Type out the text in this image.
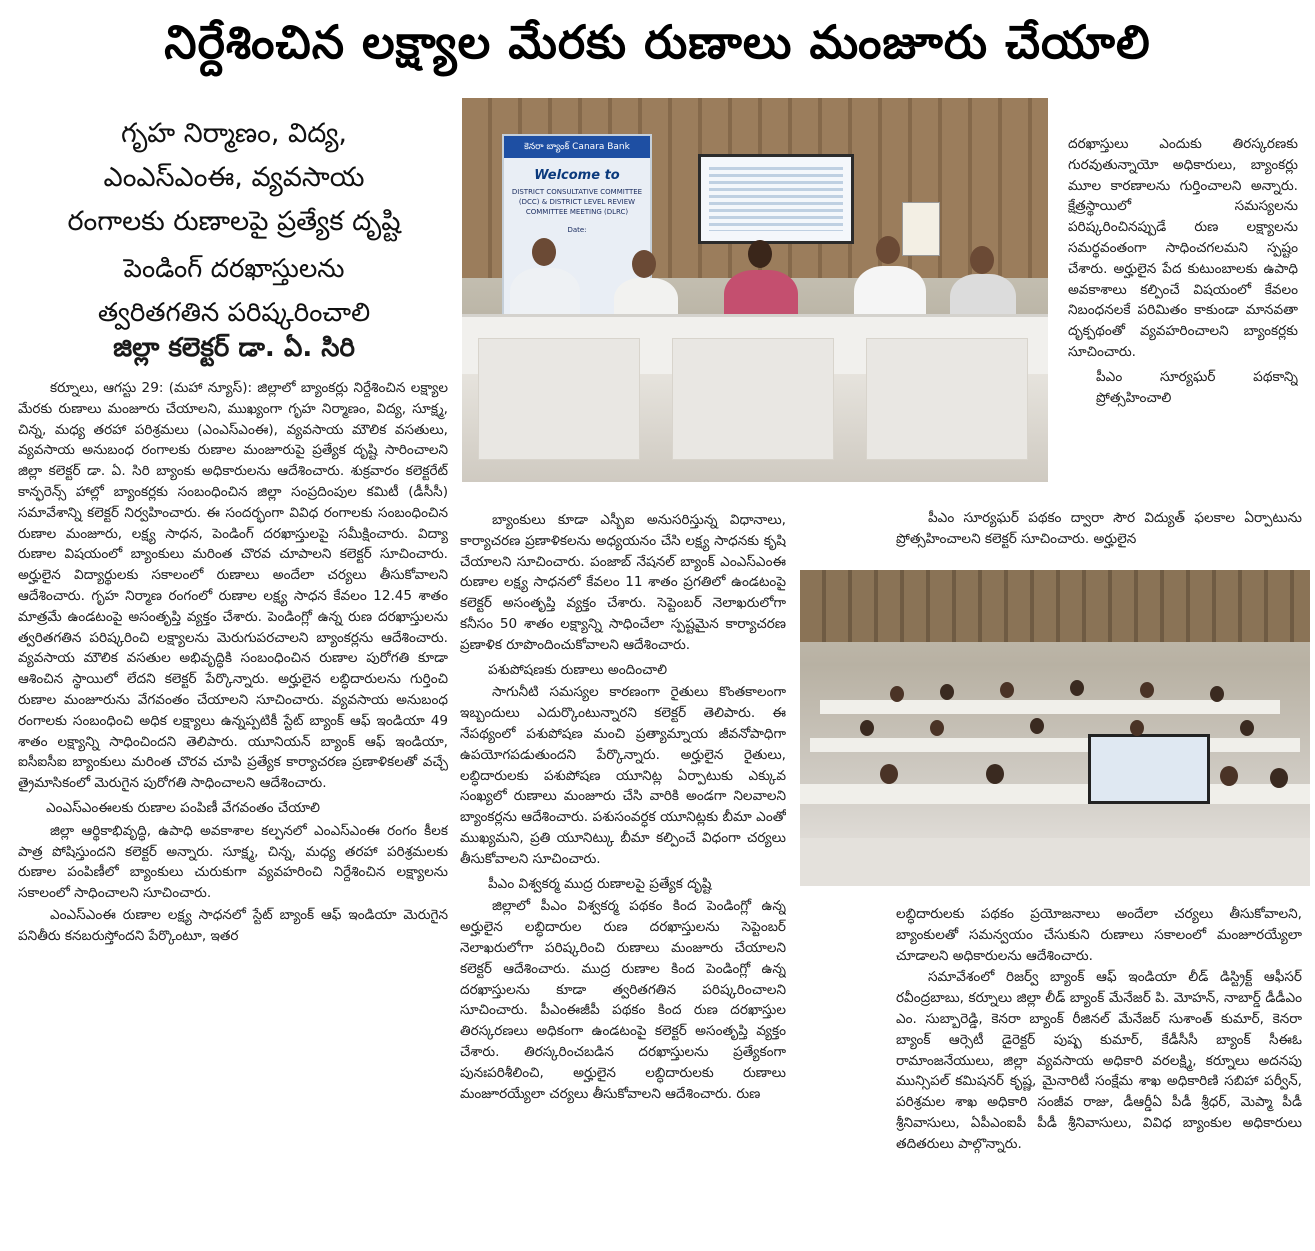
నిర్దేశించిన లక్ష్యాల మేరకు రుణాలు మంజూరు చేయాలి
గృహ నిర్మాణం, విద్య,
ఎంఎస్ఎంఈ, వ్యవసాయ
రంగాలకు రుణాలపై ప్రత్యేక దృష్టి
పెండింగ్ దరఖాస్తులను
త్వరితగతిన పరిష్కరించాలి
జిల్లా కలెక్టర్ డా. ఏ. సిరి
కెనరా బ్యాంక్ Canara Bank
Welcome to
DISTRICT CONSULTATIVE COMMITTEE (DCC) & DISTRICT LEVEL REVIEW COMMITTEE MEETING (DLRC)
Date:

కర్నూలు, ఆగస్టు 29: (మహా న్యూస్): జిల్లాలో బ్యాంకర్లు నిర్దేశించిన లక్ష్యాల మేరకు రుణాలు మంజూరు చేయాలని, ముఖ్యంగా గృహ నిర్మాణం, విద్య, సూక్ష్మ, చిన్న, మధ్య తరహా పరిశ్రమలు (ఎంఎస్ఎంఈ), వ్యవసాయ మౌలిక వసతులు, వ్యవసాయ అనుబంధ రంగాలకు రుణాల మంజూరుపై ప్రత్యేక దృష్టి సారించాలని జిల్లా కలెక్టర్ డా. ఏ. సిరి బ్యాంకు అధికారులను ఆదేశించారు. శుక్రవారం కలెక్టరేట్ కాన్ఫరెన్స్ హాల్లో బ్యాంకర్లకు సంబంధించిన జిల్లా సంప్రదింపుల కమిటీ (డీసీసీ) సమావేశాన్ని కలెక్టర్ నిర్వహించారు. ఈ సందర్భంగా వివిధ రంగాలకు సంబంధించిన రుణాల మంజూరు, లక్ష్య సాధన, పెండింగ్ దరఖాస్తులపై సమీక్షించారు. విద్యా రుణాల విషయంలో బ్యాంకులు మరింత చొరవ చూపాలని కలెక్టర్ సూచించారు. అర్హులైన విద్యార్థులకు సకాలంలో రుణాలు అందేలా చర్యలు తీసుకోవాలని ఆదేశించారు. గృహ నిర్మాణ రంగంలో రుణాల లక్ష్య సాధన కేవలం 12.45 శాతం మాత్రమే ఉండటంపై అసంతృప్తి వ్యక్తం చేశారు. పెండింగ్లో ఉన్న రుణ దరఖాస్తులను త్వరితగతిన పరిష్కరించి లక్ష్యాలను మెరుగుపరచాలని బ్యాంకర్లను ఆదేశించారు. వ్యవసాయ మౌలిక వసతుల అభివృద్ధికి సంబంధించిన రుణాల పురోగతి కూడా ఆశించిన స్థాయిలో లేదని కలెక్టర్ పేర్కొన్నారు. అర్హులైన లబ్ధిదారులను గుర్తించి రుణాల మంజూరును వేగవంతం చేయాలని సూచించారు. వ్యవసాయ అనుబంధ రంగాలకు సంబంధించి అధిక లక్ష్యాలు ఉన్నప్పటికీ స్టేట్ బ్యాంక్ ఆఫ్ ఇండియా 49 శాతం లక్ష్యాన్ని సాధించిందని తెలిపారు. యూనియన్ బ్యాంక్ ఆఫ్ ఇండియా, ఐసీఐసీఐ బ్యాంకులు మరింత చొరవ చూపి ప్రత్యేక కార్యాచరణ ప్రణాళికలతో వచ్చే త్రైమాసికంలో మెరుగైన పురోగతి సాధించాలని ఆదేశించారు.

ఎంఎస్ఎంఈలకు రుణాల పంపిణీ వేగవంతం చేయాలి

జిల్లా ఆర్థికాభివృద్ధి, ఉపాధి అవకాశాల కల్పనలో ఎంఎస్ఎంఈ రంగం కీలక పాత్ర పోషిస్తుందని కలెక్టర్ అన్నారు. సూక్ష్మ, చిన్న, మధ్య తరహా పరిశ్రమలకు రుణాల పంపిణీలో బ్యాంకులు చురుకుగా వ్యవహరించి నిర్దేశించిన లక్ష్యాలను సకాలంలో సాధించాలని సూచించారు.

ఎంఎస్ఎంఈ రుణాల లక్ష్య సాధనలో స్టేట్ బ్యాంక్ ఆఫ్ ఇండియా మెరుగైన పనితీరు కనబరుస్తోందని పేర్కొంటూ, ఇతర

బ్యాంకులు కూడా ఎస్బీఐ అనుసరిస్తున్న విధానాలు, కార్యాచరణ ప్రణాళికలను అధ్యయనం చేసి లక్ష్య సాధనకు కృషి చేయాలని సూచించారు. పంజాబ్ నేషనల్ బ్యాంక్ ఎంఎస్ఎంఈ రుణాల లక్ష్య సాధనలో కేవలం 11 శాతం ప్రగతిలో ఉండటంపై కలెక్టర్ అసంతృప్తి వ్యక్తం చేశారు. సెప్టెంబర్ నెలాఖరులోగా కనీసం 50 శాతం లక్ష్యాన్ని సాధించేలా స్పష్టమైన కార్యాచరణ ప్రణాళిక రూపొందించుకోవాలని ఆదేశించారు.

పశుపోషణకు రుణాలు అందించాలి

సాగునీటి సమస్యల కారణంగా రైతులు కొంతకాలంగా ఇబ్బందులు ఎదుర్కొంటున్నారని కలెక్టర్ తెలిపారు. ఈ నేపథ్యంలో పశుపోషణ మంచి ప్రత్యామ్నాయ జీవనోపాధిగా ఉపయోగపడుతుందని పేర్కొన్నారు. అర్హులైన రైతులు, లబ్ధిదారులకు పశుపోషణ యూనిట్ల ఏర్పాటుకు ఎక్కువ సంఖ్యలో రుణాలు మంజూరు చేసి వారికి అండగా నిలవాలని బ్యాంకర్లను ఆదేశించారు. పశుసంవర్ధక యూనిట్లకు బీమా ఎంతో ముఖ్యమని, ప్రతి యూనిట్కు బీమా కల్పించే విధంగా చర్యలు తీసుకోవాలని సూచించారు.

పీఎం విశ్వకర్మ ముద్ర రుణాలపై ప్రత్యేక దృష్టి

జిల్లాలో పీఎం విశ్వకర్మ పథకం కింద పెండింగ్లో ఉన్న అర్హులైన లబ్ధిదారుల రుణ దరఖాస్తులను సెప్టెంబర్ నెలాఖరులోగా పరిష్కరించి రుణాలు మంజూరు చేయాలని కలెక్టర్ ఆదేశించారు. ముద్ర రుణాల కింద పెండింగ్లో ఉన్న దరఖాస్తులను కూడా త్వరితగతిన పరిష్కరించాలని సూచించారు. పీఎంఈజీపీ పథకం కింద రుణ దరఖాస్తుల తిరస్కరణలు అధికంగా ఉండటంపై కలెక్టర్ అసంతృప్తి వ్యక్తం చేశారు. తిరస్కరించబడిన దరఖాస్తులను ప్రత్యేకంగా పునఃపరిశీలించి, అర్హులైన లబ్ధిదారులకు రుణాలు మంజూరయ్యేలా చర్యలు తీసుకోవాలని ఆదేశించారు. రుణ

దరఖాస్తులు ఎందుకు తిరస్కరణకు గురవుతున్నాయో అధికారులు, బ్యాంకర్లు మూల కారణాలను గుర్తించాలని అన్నారు. క్షేత్రస్థాయిలో సమస్యలను పరిష్కరించినప్పుడే రుణ లక్ష్యాలను సమర్థవంతంగా సాధించగలమని స్పష్టం చేశారు. అర్హులైన పేద కుటుంబాలకు ఉపాధి అవకాశాలు కల్పించే విషయంలో కేవలం నిబంధనలకే పరిమితం కాకుండా మానవతా దృక్పథంతో వ్యవహరించాలని బ్యాంకర్లకు సూచించారు.

పీఎం సూర్యఘర్ పథకాన్ని ప్రోత్సహించాలి

పీఎం సూర్యఘర్ పథకం ద్వారా సౌర విద్యుత్ ఫలకాల ఏర్పాటును ప్రోత్సహించాలని కలెక్టర్ సూచించారు. అర్హులైన

లబ్ధిదారులకు పథకం ప్రయోజనాలు అందేలా చర్యలు తీసుకోవాలని, బ్యాంకులతో సమన్వయం చేసుకుని రుణాలు సకాలంలో మంజూరయ్యేలా చూడాలని అధికారులను ఆదేశించారు.

సమావేశంలో రిజర్వ్ బ్యాంక్ ఆఫ్ ఇండియా లీడ్ డిస్ట్రిక్ట్ ఆఫీసర్ రవీంద్రబాబు, కర్నూలు జిల్లా లీడ్ బ్యాంక్ మేనేజర్ పి. మోహన్, నాబార్డ్ డీడీఎం ఎం. సుబ్బారెడ్డి, కెనరా బ్యాంక్ రీజినల్ మేనేజర్ సుశాంత్ కుమార్, కెనరా బ్యాంక్ ఆర్సెటీ డైరెక్టర్ పుష్ప కుమార్, కేడీసీసీ బ్యాంక్ సీఈఓ రామాంజనేయులు, జిల్లా వ్యవసాయ అధికారి వరలక్ష్మి, కర్నూలు అదనపు మున్సిపల్ కమిషనర్ కృష్ణ, మైనారిటీ సంక్షేమ శాఖ అధికారిణి సబిహా పర్వీన్, పరిశ్రమల శాఖ అధికారి సంజీవ రాజు, డీఆర్డీఏ పీడీ శ్రీధర్, మెప్మా పీడీ శ్రీనివాసులు, ఏపీఎంఐపీ పీడీ శ్రీనివాసులు, వివిధ బ్యాంకుల అధికారులు తదితరులు పాల్గొన్నారు.
